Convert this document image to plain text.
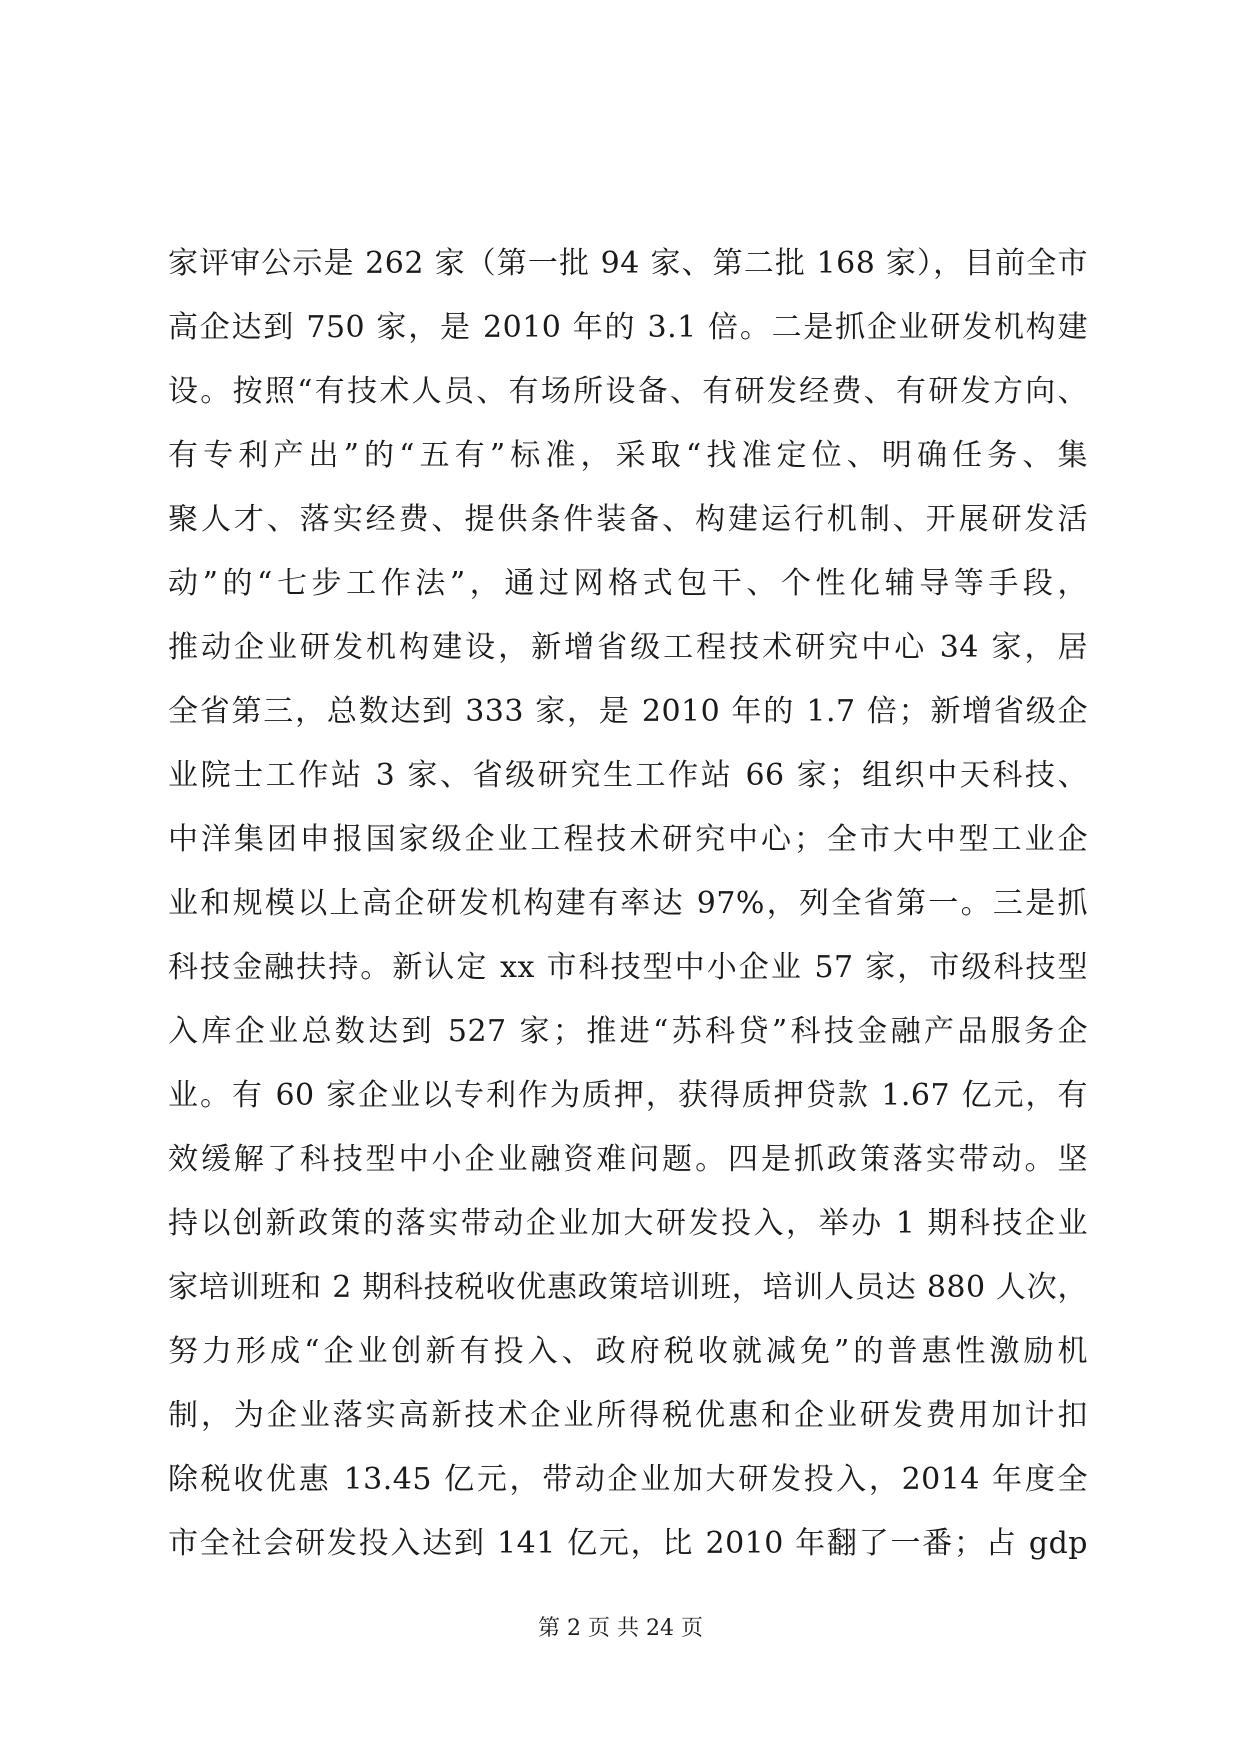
家评审公示是 262 家（第一批 94 家、第二批 168 家），目前全市
高企达到 750 家，是 2010 年的 3.1 倍。二是抓企业研发机构建
设。按照“有技术人员、有场所设备、有研发经费、有研发方向、
有专利产出”的“五有”标准，采取“找准定位、明确任务、集
聚人才、落实经费、提供条件装备、构建运行机制、开展研发活
动”的“七步工作法”，通过网格式包干、个性化辅导等手段，
推动企业研发机构建设，新增省级工程技术研究中心 34 家，居
全省第三，总数达到 333 家，是 2010 年的 1.7 倍；新增省级企
业院士工作站 3 家、省级研究生工作站 66 家；组织中天科技、
中洋集团申报国家级企业工程技术研究中心；全市大中型工业企
业和规模以上高企研发机构建有率达 97%，列全省第一。三是抓
科技金融扶持。新认定 xx 市科技型中小企业 57 家，市级科技型
入库企业总数达到 527 家；推进“苏科贷”科技金融产品服务企
业。有 60 家企业以专利作为质押，获得质押贷款 1.67 亿元，有
效缓解了科技型中小企业融资难问题。四是抓政策落实带动。坚
持以创新政策的落实带动企业加大研发投入，举办 1 期科技企业
家培训班和 2 期科技税收优惠政策培训班，培训人员达 880 人次，
努力形成“企业创新有投入、政府税收就减免”的普惠性激励机
制，为企业落实高新技术企业所得税优惠和企业研发费用加计扣
除税收优惠 13.45 亿元，带动企业加大研发投入，2014 年度全
市全社会研发投入达到 141 亿元，比 2010 年翻了一番；占 gdp
第 2 页 共 24 页
